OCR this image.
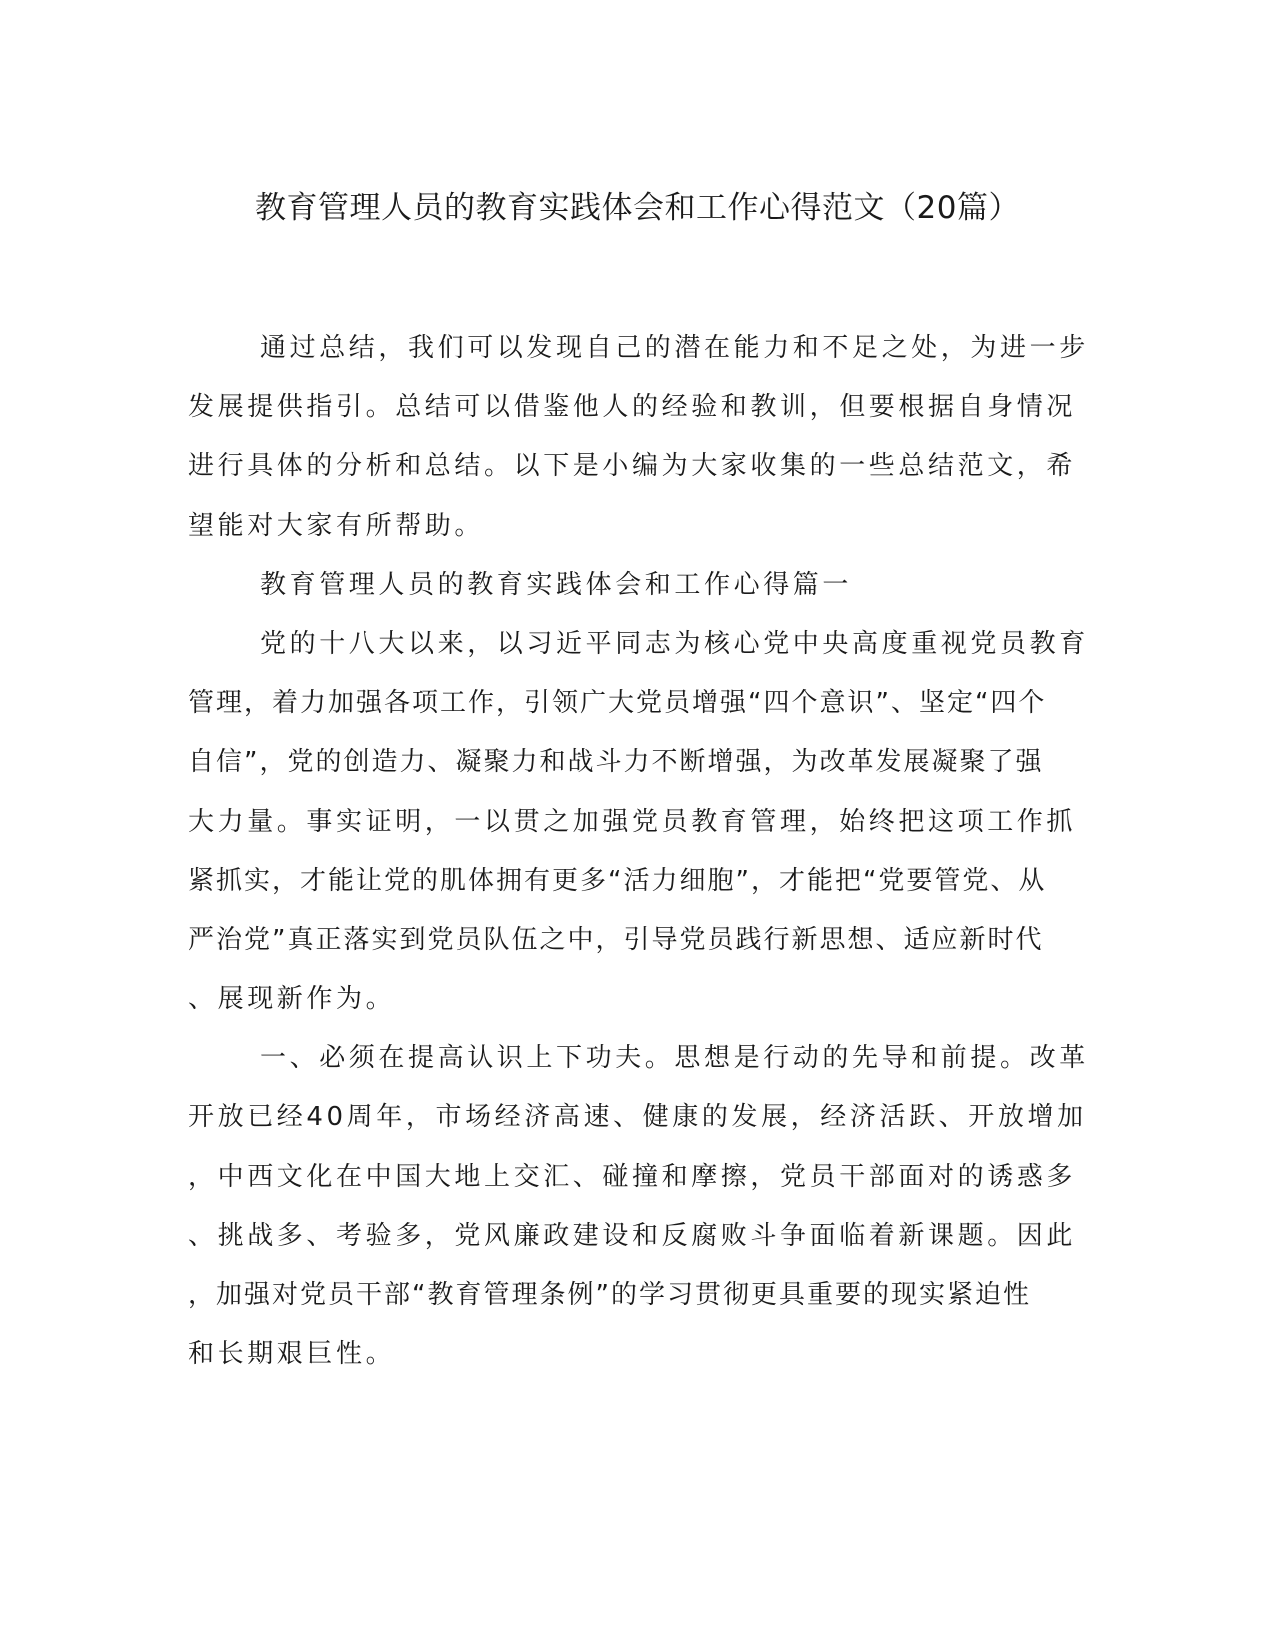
教育管理人员的教育实践体会和工作心得范文（20篇）
通过总结，我们可以发现自己的潜在能力和不足之处，为进一步
发展提供指引。总结可以借鉴他人的经验和教训，但要根据自身情况
进行具体的分析和总结。以下是小编为大家收集的一些总结范文，希
望能对大家有所帮助。
教育管理人员的教育实践体会和工作心得篇一
党的十八大以来，以习近平同志为核心党中央高度重视党员教育
管理，着力加强各项工作，引领广大党员增强“四个意识”、坚定“四个
自信”，党的创造力、凝聚力和战斗力不断增强，为改革发展凝聚了强
大力量。事实证明，一以贯之加强党员教育管理，始终把这项工作抓
紧抓实，才能让党的肌体拥有更多“活力细胞”，才能把“党要管党、从
严治党”真正落实到党员队伍之中，引导党员践行新思想、适应新时代
、展现新作为。
一、必须在提高认识上下功夫。思想是行动的先导和前提。改革
开放已经40周年，市场经济高速、健康的发展，经济活跃、开放增加
，中西文化在中国大地上交汇、碰撞和摩擦，党员干部面对的诱惑多
、挑战多、考验多，党风廉政建设和反腐败斗争面临着新课题。因此
，加强对党员干部“教育管理条例”的学习贯彻更具重要的现实紧迫性
和长期艰巨性。
